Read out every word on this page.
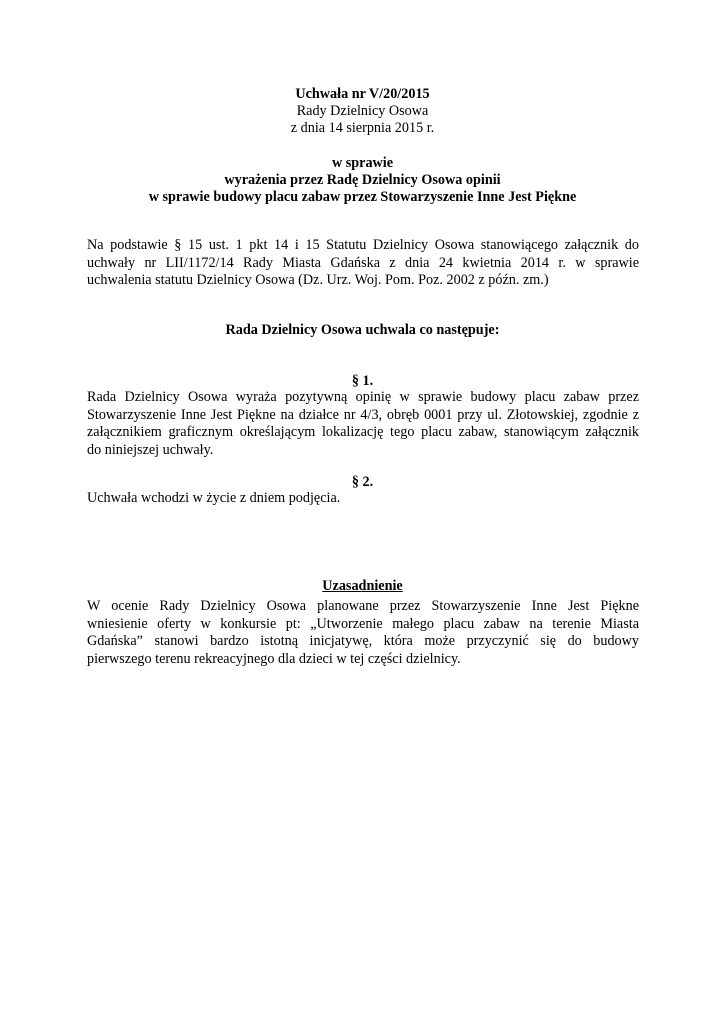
Uchwała nr V/20/2015
Rady Dzielnicy Osowa
z dnia 14 sierpnia 2015 r.
w sprawie
wyrażenia przez Radę Dzielnicy Osowa opinii
w sprawie budowy placu zabaw przez Stowarzyszenie Inne Jest Piękne
Na podstawie § 15 ust. 1 pkt 14 i 15 Statutu Dzielnicy Osowa stanowiącego załącznik do
uchwały nr LII/1172/14 Rady Miasta Gdańska z dnia 24 kwietnia 2014 r. w sprawie
uchwalenia statutu Dzielnicy Osowa (Dz. Urz. Woj. Pom. Poz. 2002 z późn. zm.)
Rada Dzielnicy Osowa uchwala co następuje:
§ 1.
Rada Dzielnicy Osowa wyraża pozytywną opinię w sprawie budowy placu zabaw przez
Stowarzyszenie Inne Jest Piękne na działce nr 4/3, obręb 0001 przy ul. Złotowskiej, zgodnie z
załącznikiem graficznym określającym lokalizację tego placu zabaw, stanowiącym załącznik
do niniejszej uchwały.
§ 2.
Uchwała wchodzi w życie z dniem podjęcia.
Uzasadnienie
W ocenie Rady Dzielnicy Osowa planowane przez Stowarzyszenie Inne Jest Piękne
wniesienie oferty w konkursie pt: „Utworzenie małego placu zabaw na terenie Miasta
Gdańska” stanowi bardzo istotną inicjatywę, która może przyczynić się do budowy
pierwszego terenu rekreacyjnego dla dzieci w tej części dzielnicy.
